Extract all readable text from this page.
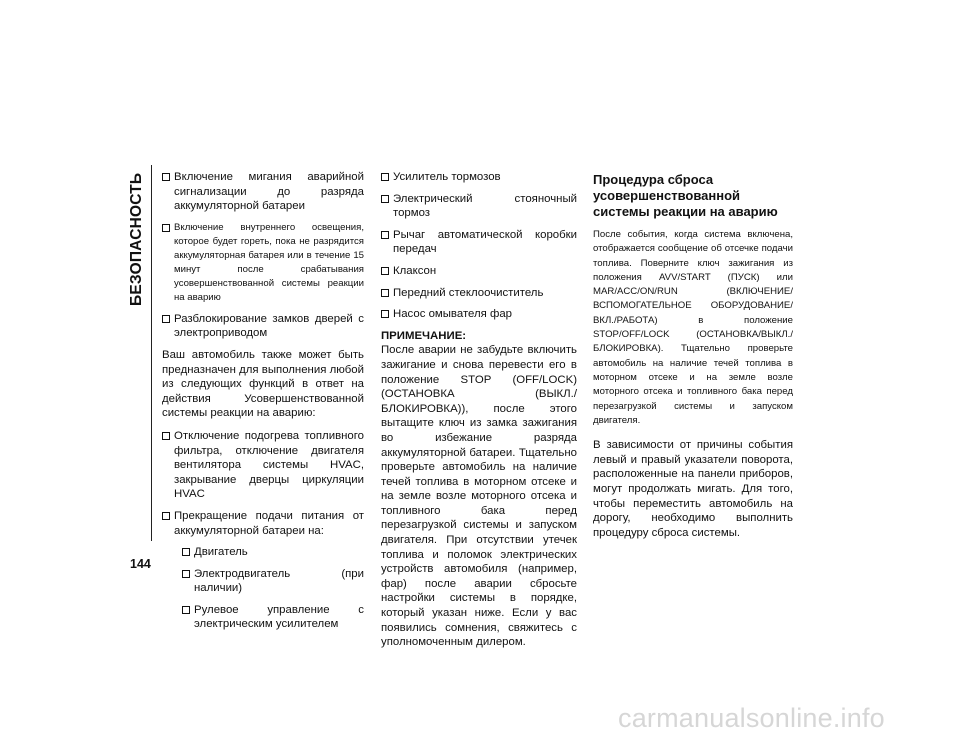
БЕЗОПАСНОСТЬ	Включение мигания аварийной сигнализации до разряда аккумуляторной батареи
Включение внутреннего освещения, которое будет гореть, пока не разрядится аккумуляторная батарея или в течение 15 минут после срабатывания усовершенствованной системы реакции на аварию
Разблокирование замков дверей с электроприводом

Ваш автомобиль также может быть предназначен для выполнения любой из следующих функций в ответ на действия Усовершенствованной системы реакции на аварию:

Отключение подогрева топливного фильтра, отключение двигателя вентилятора системы HVAC, закрывание дверцы циркуляции HVAC
Прекращение подачи питания от аккумуляторной батареи на:
Двигатель
Электродвигатель (при наличии)
Рулевое управление с электрическим усилителем
Усилитель тормозов
Электрический стояночный тормоз
Рычаг автоматической коробки передач
Клаксон
Передний стеклоочиститель
Насос омывателя фар

ПРИМЕЧАНИЕ:

После аварии не забудьте включить зажигание и снова перевести его в положение STOP (OFF/LOCK) (ОСТАНОВКА (ВЫКЛ./БЛОКИРОВКА)), после этого вытащите ключ из замка зажигания во избежание разряда аккумуляторной батареи. Тщательно проверьте автомобиль на наличие течей топлива в моторном отсеке и на земле возле моторного отсека и топливного бака перед перезагрузкой системы и запуском двигателя. При отсутствии утечек топлива и поломок электрических устройств автомобиля (например, фар) после аварии сбросьте настройки системы в порядке, который указан ниже. Если у вас появились сомнения, свяжитесь с уполномоченным дилером.

Процедура сброса усовершенствованной системы реакции на аварию

После события, когда система включена, отображается сообщение об отсечке подачи топлива. Поверните ключ зажигания из положения AVV/START (ПУСК) или MAR/ACC/ON/RUN (ВКЛЮЧЕНИЕ/ВСПОМОГАТЕЛЬНОЕ ОБОРУДОВАНИЕ/ВКЛ./РАБОТА) в положение STOP/OFF/LOCK (ОСТАНОВКА/ВЫКЛ./БЛОКИРОВКА). Тщательно проверьте автомобиль на наличие течей топлива в моторном отсеке и на земле возле моторного отсека и топливного бака перед перезагрузкой системы и запуском двигателя.

В зависимости от причины события левый и правый указатели поворота, расположенные на панели приборов, могут продолжать мигать. Для того, чтобы переместить автомобиль на дорогу, необходимо выполнить процедуру сброса системы.

144
carmanualsonline.info
